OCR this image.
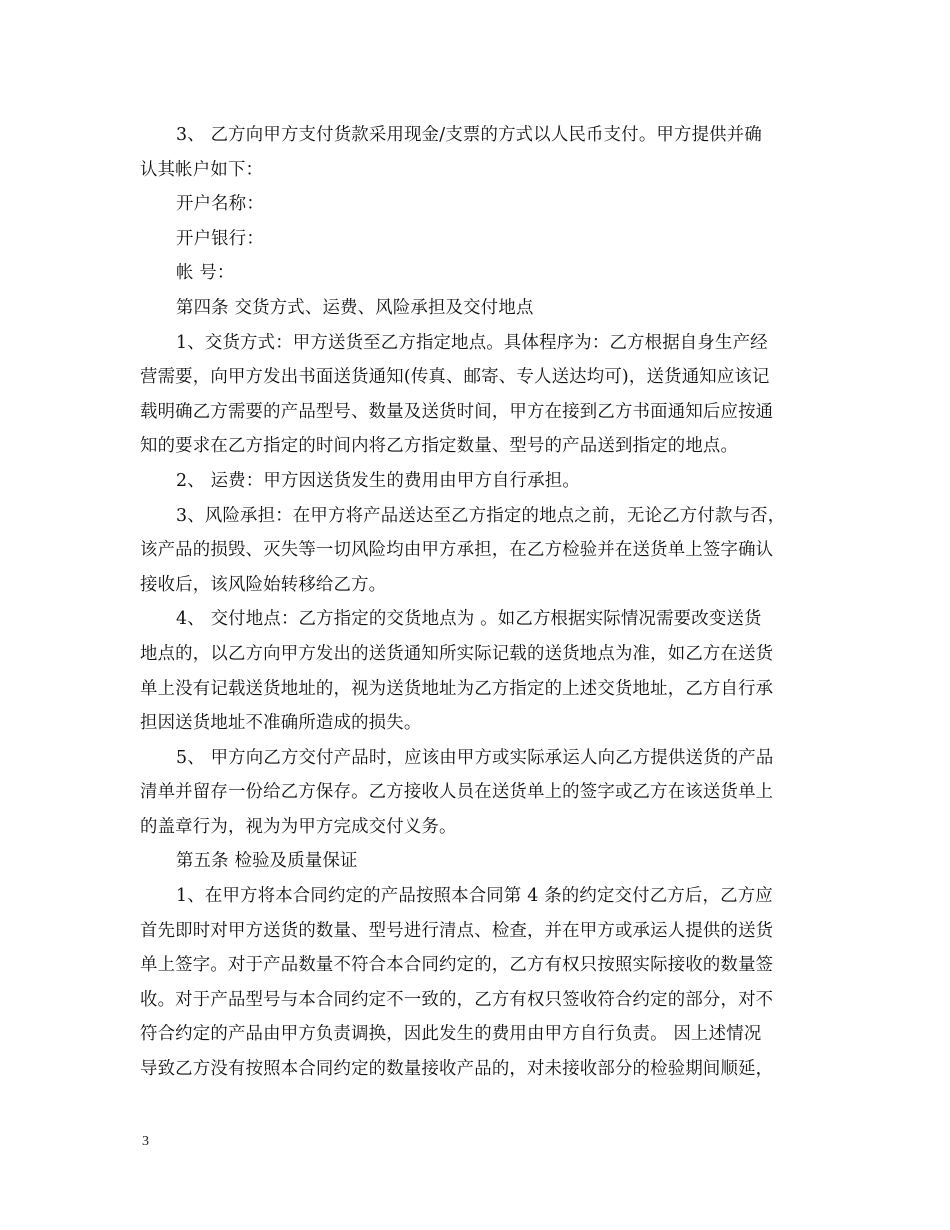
3、 乙方向甲方支付货款采用现金/支票的方式以人民币支付。甲方提供并确
认其帐户如下：
开户名称：
开户银行：
帐 号：
第四条 交货方式、运费、风险承担及交付地点
1、交货方式：甲方送货至乙方指定地点。具体程序为：乙方根据自身生产经
营需要，向甲方发出书面送货通知(传真、邮寄、专人送达均可)，送货通知应该记
载明确乙方需要的产品型号、数量及送货时间，甲方在接到乙方书面通知后应按通
知的要求在乙方指定的时间内将乙方指定数量、型号的产品送到指定的地点。
2、 运费：甲方因送货发生的费用由甲方自行承担。
3、风险承担：在甲方将产品送达至乙方指定的地点之前，无论乙方付款与否，
该产品的损毁、灭失等一切风险均由甲方承担，在乙方检验并在送货单上签字确认
接收后，该风险始转移给乙方。
4、 交付地点：乙方指定的交货地点为 。如乙方根据实际情况需要改变送货
地点的，以乙方向甲方发出的送货通知所实际记载的送货地点为准，如乙方在送货
单上没有记载送货地址的，视为送货地址为乙方指定的上述交货地址，乙方自行承
担因送货地址不准确所造成的损失。
5、 甲方向乙方交付产品时，应该由甲方或实际承运人向乙方提供送货的产品
清单并留存一份给乙方保存。乙方接收人员在送货单上的签字或乙方在该送货单上
的盖章行为，视为为甲方完成交付义务。
第五条 检验及质量保证
1、在甲方将本合同约定的产品按照本合同第 4 条的约定交付乙方后，乙方应
首先即时对甲方送货的数量、型号进行清点、检查，并在甲方或承运人提供的送货
单上签字。对于产品数量不符合本合同约定的，乙方有权只按照实际接收的数量签
收。对于产品型号与本合同约定不一致的，乙方有权只签收符合约定的部分，对不
符合约定的产品由甲方负责调换，因此发生的费用由甲方自行负责。 因上述情况
导致乙方没有按照本合同约定的数量接收产品的，对未接收部分的检验期间顺延，
3
